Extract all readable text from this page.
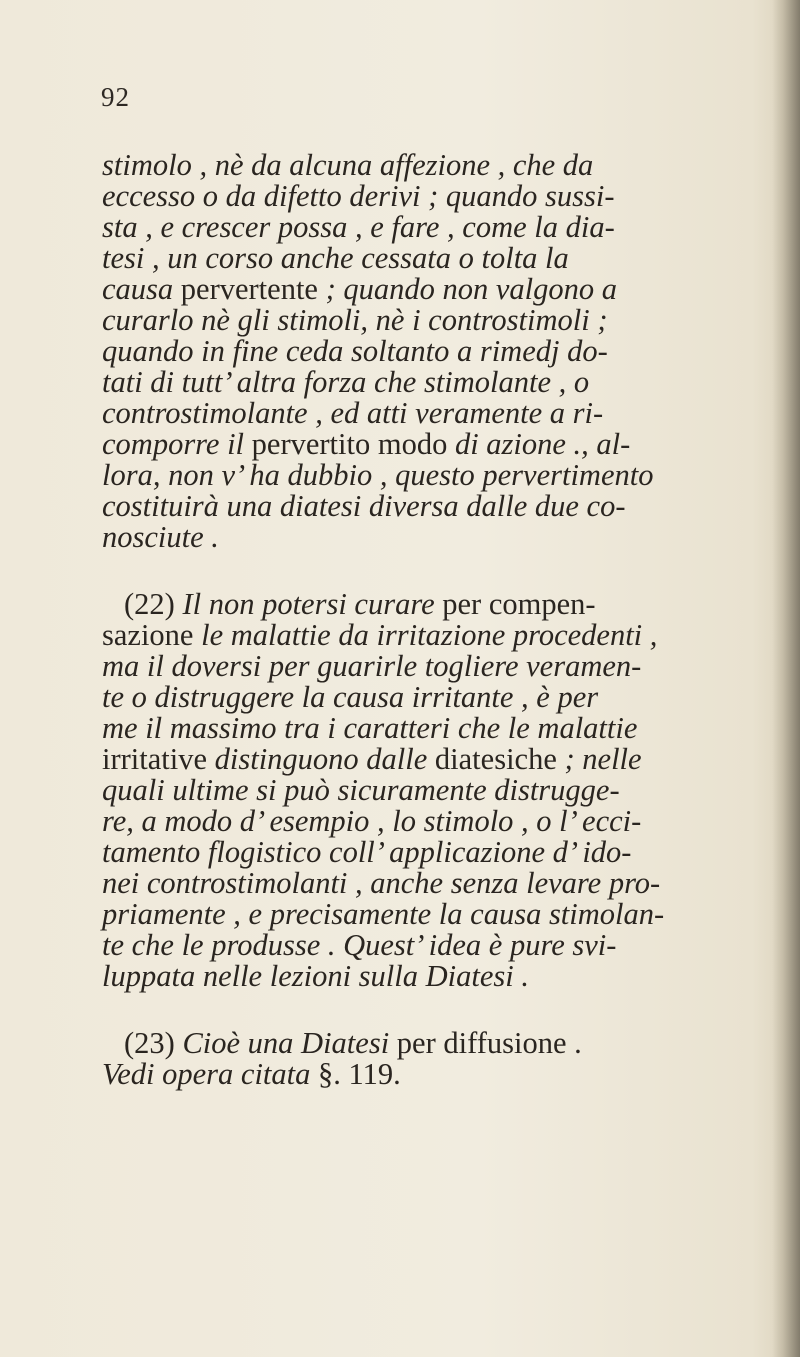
92
stimolo , nè da alcuna affezione , che da
eccesso o da difetto derivi ; quando sussi-
sta , e crescer possa , e fare , come la dia-
tesi , un corso anche cessata o tolta la
causa pervertente ; quando non valgono a
curarlo nè gli stimoli, nè i controstimoli ;
quando in fine ceda soltanto a rimedj do-
tati di tutt’ altra forza che stimolante , o
controstimolante , ed atti veramente a ri-
comporre il pervertito modo di azione ., al-
lora, non v’ ha dubbio , questo pervertimento
costituirà una diatesi diversa dalle due co-
nosciute .
(22) Il non potersi curare per compen-
sazione le malattie da irritazione procedenti ,
ma il doversi per guarirle togliere veramen-
te o distruggere la causa irritante , è per
me il massimo tra i caratteri che le malattie
irritative distinguono dalle diatesiche ; nelle
quali ultime si può sicuramente distrugge-
re, a modo d’ esempio , lo stimolo , o l’ ecci-
tamento flogistico coll’ applicazione d’ ido-
nei controstimolanti , anche senza levare pro-
priamente , e precisamente la causa stimolan-
te che le produsse . Quest’ idea è pure svi-
luppata nelle lezioni sulla Diatesi .
(23) Cioè una Diatesi per diffusione .
Vedi opera citata §. 119.
